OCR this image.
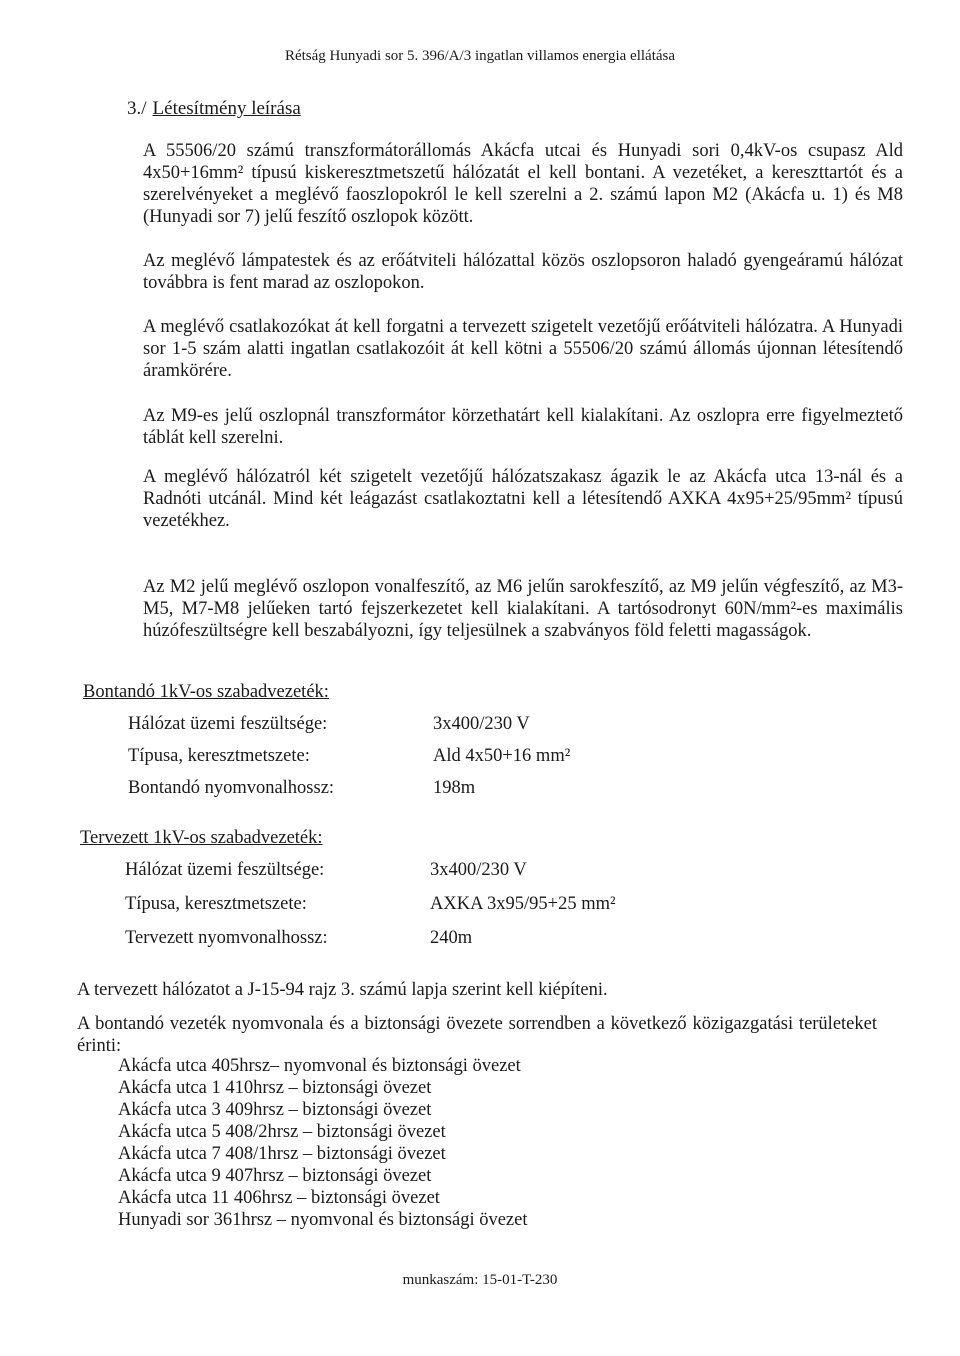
Rétság Hunyadi sor 5. 396/A/3 ingatlan villamos energia ellátása
3./ Létesítmény leírása
A 55506/20 számú transzformátorállomás Akácfa utcai és Hunyadi sori 0,4kV-os csupasz Ald 4x50+16mm² típusú kiskeresztmetszetű hálózatát el kell bontani. A vezetéket, a kereszttartót és a szerelvényeket a meglévő faoszlopokról le kell szerelni a 2. számú lapon M2 (Akácfa u. 1) és M8 (Hunyadi sor 7) jelű feszítő oszlopok között.
Az meglévő lámpatestek és az erőátviteli hálózattal közös oszlopsoron haladó gyengeáramú hálózat továbbra is fent marad az oszlopokon.
A meglévő csatlakozókat át kell forgatni a tervezett szigetelt vezetőjű erőátviteli hálózatra. A Hunyadi sor 1-5 szám alatti ingatlan csatlakozóit át kell kötni a 55506/20 számú állomás újonnan létesítendő áramkörére.
Az M9-es jelű oszlopnál transzformátor körzethatárt kell kialakítani. Az oszlopra erre figyelmeztető táblát kell szerelni.
A meglévő hálózatról két szigetelt vezetőjű hálózatszakasz ágazik le az Akácfa utca 13-nál és a Radnóti utcánál. Mind két leágazást csatlakoztatni kell a létesítendő AXKA 4x95+25/95mm² típusú vezetékhez.
Az M2 jelű meglévő oszlopon vonalfeszítő, az M6 jelűn sarokfeszítő, az M9 jelűn végfeszítő, az M3-M5, M7-M8 jelűeken tartó fejszerkezetet kell kialakítani. A tartósodronyt 60N/mm²-es maximális húzófeszültségre kell beszabályozni, így teljesülnek a szabványos föld feletti magasságok.
Bontandó 1kV-os szabadvezeték:
Hálózat üzemi feszültsége:	3x400/230 V
Típusa, keresztmetszete:	Ald 4x50+16 mm²
Bontandó nyomvonalhossz:	198m
Tervezett 1kV-os szabadvezeték:
Hálózat üzemi feszültsége:	3x400/230 V
Típusa, keresztmetszete:	AXKA 3x95/95+25 mm²
Tervezett nyomvonalhossz:	240m
A tervezett hálózatot a J-15-94 rajz 3. számú lapja szerint kell kiépíteni.
A bontandó vezeték nyomvonala és a biztonsági övezete sorrendben a következő közigazgatási területeket érinti:
Akácfa utca 405hrsz– nyomvonal és biztonsági övezet
Akácfa utca 1 410hrsz – biztonsági övezet
Akácfa utca 3 409hrsz – biztonsági övezet
Akácfa utca 5 408/2hrsz – biztonsági övezet
Akácfa utca 7 408/1hrsz – biztonsági övezet
Akácfa utca 9 407hrsz – biztonsági övezet
Akácfa utca 11 406hrsz – biztonsági övezet
Hunyadi sor 361hrsz – nyomvonal és biztonsági övezet
munkaszám: 15-01-T-230
